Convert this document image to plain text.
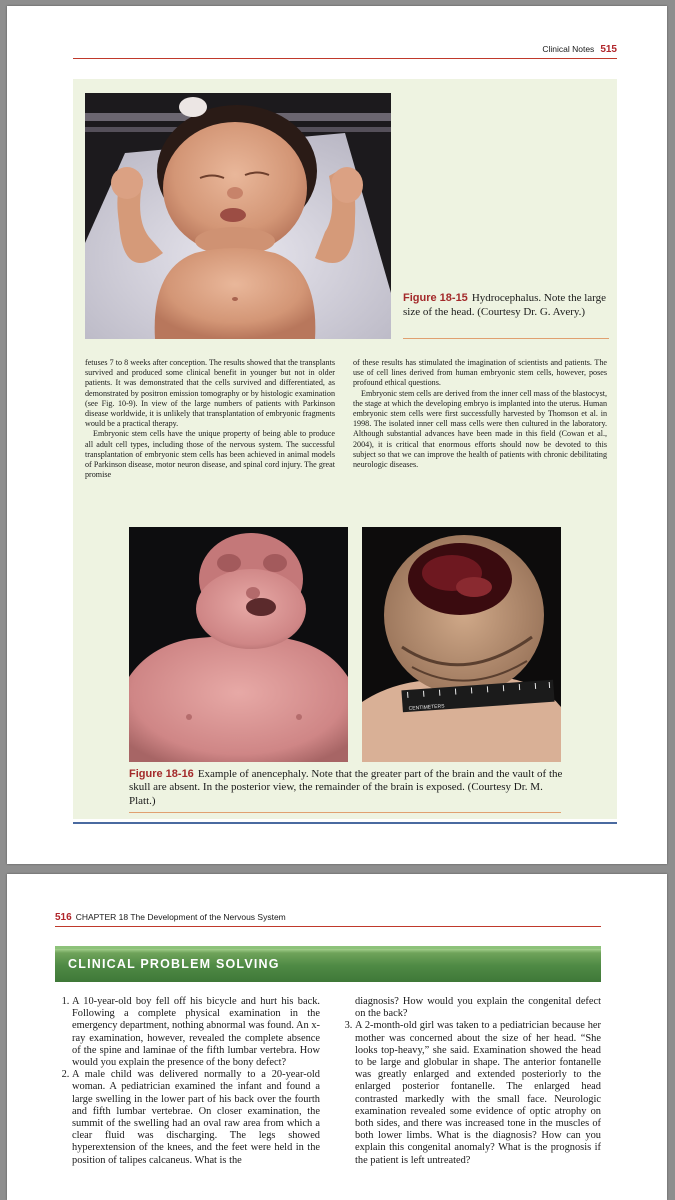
Clinical Notes 515
Figure 18-15 Hydrocephalus. Note the large size of the head. (Courtesy Dr. G. Avery.)

fetuses 7 to 8 weeks after conception. The results showed that the transplants survived and produced some clinical benefit in younger but not in older patients. It was demonstrated that the cells survived and differentiated, as demonstrated by positron emission tomography or by histologic examination (see Fig. 10-9). In view of the large numbers of patients with Parkinson disease worldwide, it is unlikely that transplantation of embryonic fragments would be a practical therapy.

Embryonic stem cells have the unique property of being able to produce all adult cell types, including those of the nervous system. The successful transplantation of embryonic stem cells has been achieved in animal models of Parkinson disease, motor neuron disease, and spinal cord injury. The great promise

of these results has stimulated the imagination of scientists and patients. The use of cell lines derived from human embryonic stem cells, however, poses profound ethical questions.

Embryonic stem cells are derived from the inner cell mass of the blastocyst, the stage at which the developing embryo is implanted into the uterus. Human embryonic stem cells were first successfully harvested by Thomson et al. in 1998. The isolated inner cell mass cells were then cultured in the laboratory. Although substantial advances have been made in this field (Cowan et al., 2004), it is critical that enormous efforts should now be devoted to this subject so that we can improve the health of patients with chronic debilitating neurologic diseases.

CENTIMETERS
Figure 18-16 Example of anencephaly. Note that the greater part of the brain and the vault of the skull are absent. In the posterior view, the remainder of the brain is exposed. (Courtesy Dr. M. Platt.)
516 CHAPTER 18 The Development of the Nervous System
CLINICAL PROBLEM SOLVING
1. A 10-year-old boy fell off his bicycle and hurt his back. Following a complete physical examination in the emergency department, nothing abnormal was found. An x-ray examination, however, revealed the complete absence of the spine and laminae of the fifth lumbar vertebra. How would you explain the presence of the bony defect?
2. A male child was delivered normally to a 20-year-old woman. A pediatrician examined the infant and found a large swelling in the lower part of his back over the fourth and fifth lumbar vertebrae. On closer examination, the summit of the swelling had an oval raw area from which a clear fluid was discharging. The legs showed hyperextension of the knees, and the feet were held in the position of talipes calcaneus. What is the

diagnosis? How would you explain the congenital defect on the back?

3. A 2-month-old girl was taken to a pediatrician because her mother was concerned about the size of her head. “She looks top-heavy,” she said. Examination showed the head to be large and globular in shape. The anterior fontanelle was greatly enlarged and extended posteriorly to the enlarged posterior fontanelle. The enlarged head contrasted markedly with the small face. Neurologic examination revealed some evidence of optic atrophy on both sides, and there was increased tone in the muscles of both lower limbs. What is the diagnosis? How can you explain this congenital anomaly? What is the prognosis if the patient is left untreated?
